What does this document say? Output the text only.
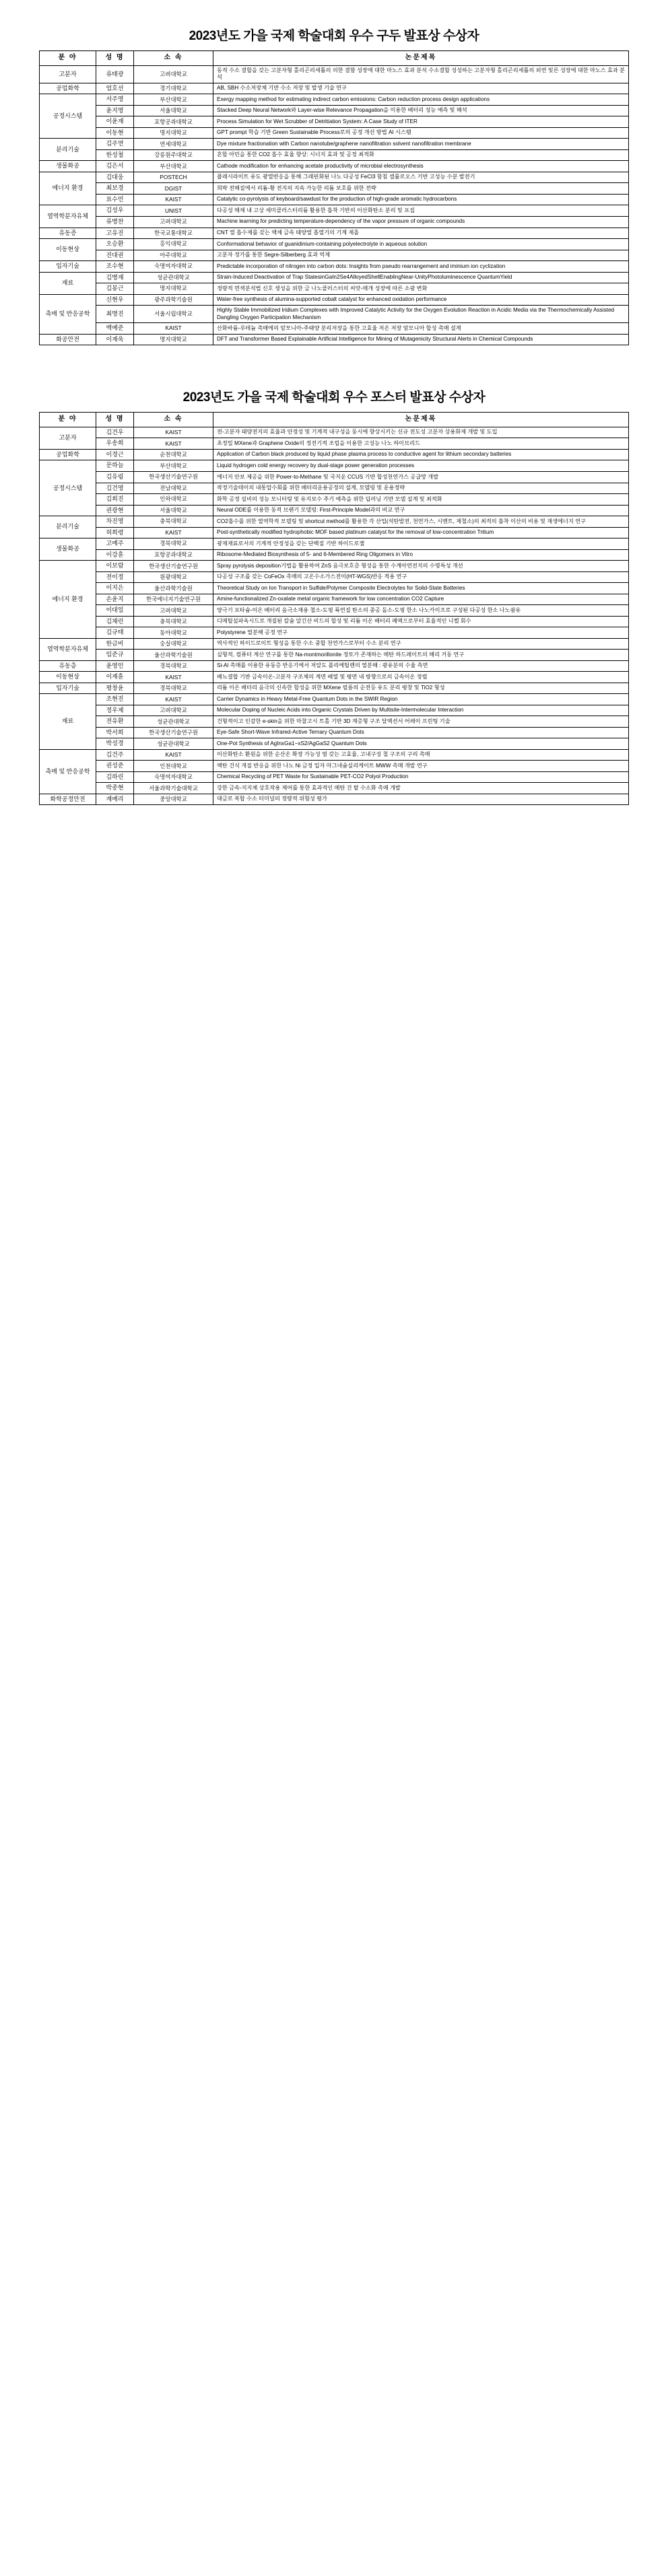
2023년도 가을 국제 학술대회 우수 구두 발표상 수상자
분 야	성 명	소 속	논문제목
고분자	류태광	고려대학교	동적 수소 결합을 갖는 고분자형 홀리곤리세톨의 의한 결함 성장에 대한 마노스 효과 분석 수소결합 성성하는 고분자형 홀리곤리세톨의 외연 및른 성장에 대한 마노스 효과 분석
공업화학	엄호선	경기대학교	AB, SBH 수소저장체 기반 수소 저장 및 발생 기술 연구
공정시스템	서주영	부산대학교	Exergy mapping method for estimating indirect carbon emissions: Carbon reduction process design applications
	윤지영	서울대학교	Stacked Deep Neural Network와 Layer-wise Relevance Propagation을 이용한 배터리 성능 예측 및 해석
	이윤재	포항공과대학교	Process Simulation for Wet Scrubber of Detritiation System: A Case Study of ITER
	이동현	명지대학교	GPT prompt 학습 기반 Green Sustainable Process로의 공정 개선 방법 AI 시스템
분리기술	김주연	연세대학교	Dye mixture fractionation with Carbon nanotube/graphene nanofiltration solvent nanofiltration membrane
	한성철	강릉원주대학교	혼합 아민을 통한 CO2 흡수 효율 향상: 시너지 효과 및 공정 최적화
생물화공	김은서	부산대학교	Cathode modification for enhancing acetate productivity of microbial electrosynthesis
에너지 환경	김대웅	POSTECH	플래시라이트 유도 광열반응을 통해 그래핀화된 나노 다공성 FeCl3 함침 셀룰로오스 기반 고성능 수분 발전기
	최보경	DGIST	희박 전해질에서 리튬-황 전지의 지속 가능한 리튬 보호를 위한 전략
	표수민	KAIST	Catalytic co-pyrolysis of keyboard/sawdust for the production of high-grade aromatic hydrocarbons
열역학분자유체	김성우	UNIST	다공성 매체 내 고상 세미클러스터리듐 활용한 흡착 기반의 이산화탄소 분리 및 포집
	류병찬	고려대학교	Machine learning for predicting temperature-dependency of the vapor pressure of organic compounds
유동증	고유진	한국교통대학교	CNT 열 흡수제를 갖는 액체 금속 태양열 흡열기의 기계 제올
이동현상	오승환	홍익대학교	Conformational behavior of guanidinium-containing polyelectrolyte in aqueous solution
	진대권	아주대학교	고분자 정가를 통한 Segre-Silberberg 효과 억제
입자기술	조수현	숙명여자대학교	Predictable incorporation of nitrogen into carbon dots: Insights from pseudo rearrangement and iminium ion cyclization
재료	김병재	성균관대학교	Strain-Induced Deactivation of Trap StatesinGaIn2Se4AlloyedShellEnablingNear-UnityPhotoluminescence QuantumYield
	김봉근	명지대학교	정량적 면색분석법 신호 생성을 위한 금 나노클러스터의 씨앗-매개 성장에 따른 소광 변화
촉매 및 반응공학	신현우	광주과학기술원	Water-free synthesis of alumina-supported cobalt catalyst for enhanced oxidation performance
	최명진	서울시립대학교	Highly Stable Immobilized Iridium Complexes with Improved Catalytic Activity for the Oxygen Evolution Reaction in Acidic Media via the Thermochemically Assisted Dangling Oxygen Participation Mechanism
	백예준	KAIST	산화바륨-루테늄 촉매에의 암모니아-주태양 분리저장을 통한 고효율 저온 저장 암모니아 합성 촉매 설계
화공안전	이재욱	명지대학교	DFT and Transformer Based Explainable Artificial Intelligence for Mining of Mutagenicity Structural Alerts in Chemical Compounds
2023년도 가을 국제 학술대회 우수 포스터 발표상 수상자
분 야	성 명	소 속	논문제목
고분자	김건우	KAIST	전-고분자 태양전지의 효율과 안정성 및 기계적 내구성을 동시에 향상시키는 신규 전도성 고분자 상용화제 개발 및 도입
	우송희	KAIST	초정밀 MXene과 Graphene Oxide의 정전기적 조립을 이용한 고성능 나노 하이브리드
공업화학	이경근	순천대학교	Application of Carbon black produced by liquid phase plasma process to conductive agent for lithium secondary batteries
공정시스템	문하늘	부산대학교	Liquid hydrogen cold energy recovery by dual-stage power generation processes
	김유림	한국생산기술연구원	에너지 안보 제공을 위한 Power-to-Methane 및 국지운 CCUS 기반 합성천연가스 공급망 개발
	김건영	전남대학교	작정기술테이의 내통압수회를 위한 배터리운용공정의 설계, 모델링 및 운용정략
	김희진	인하대학교	화학 공정 설비의 성능 모니터링 및 유지보수 주기 예측을 위한 딥러닝 기반 모델 설계 및 최적화
	권광현	서울대학교	Neural ODE를 이용한 동적 브랜기 모델링: First-Principle Model과의 비교 연구
분리기술	차진영	충북대학교	CO2흡수를 위한 열역학적 모델링 및 shortcut method를 활용한 각 산업(석탄발전, 천연가스, 시멘트, 제철소)의 최적의 흡착 이산의 비용 및 재생에너지 연구
	허희령	KAIST	Post-synthetically modified hydrophobic MOF based platinum catalyst for the removal of low-concentration Tritium
생물화공	고예주	경북대학교	광제재료로서의 기계적 안정성을 갖는 단백질 기반 하이드로젤
	이강훈	포항공과대학교	Ribosome-Mediated Biosynthesis of 5- and 6-Membered Ring Oligomers in Vitro
에너지 환경	이보람	한국생산기술연구원	Spray pyrolysis deposition기법을 활용하여 ZnS 음극보호층 형성을 통한 수계아연전지의 수명특성 개선
	전이정	원광대학교	다공성 구조를 갖는 CoFeOx 촉매의 고온수소가스전이(HT-WGS)반응 적용 연구
	이지은	울산과학기술원	Theoretical Study on Ion Transport in Sulfide/Polymer Composite Electrolytes for Solid-State Batteries
	손윤지	한국에너지기술연구원	Amine-functionalized Zn-oxalate metal organic framework for low concentration CO2 Capture
	이대일	고려대학교	양극기 포타슘-이온 배터리 음극소재용 철소-도핑 륙연질 탄소의 중공 돌소-도핑 한소 나노카이프로 구성된 다공성 한소 나노쉼유
	김채린	충북대학교	디메틸설파옥시드로 개질된 칼슘 알긴산 비드의 합성 및 리튬 이온 배터리 폐액으로부터 효율적인 니켈 회수
	김규태	동아대학교	Polystyrene 열분해 공정 연구
열역학분자유체	한금비	숭실대학교	역사적인 하이드로이트 형성을 통한 수소 중합 천연가스로부터 수소 분리 연구
	임준규	울산과학기술원	실형적, 컴퓨터 계산 연구를 통한 Na-montmorillonite 정토가 존재하는 메탄 하드레이트의 해리 거동 연구
유동층	윤영인	경북대학교	Si-Al 촉매를 이용한 유동층 반응기에서 저알도 폴리에틸렌의 열분해 : 광유분의 수율 측면
이동현상	이재훈	KAIST	배뇨결합 기반 금속이온-고분자 구조체의 계면 배열 및 평면 내 방향으로의 금속이온 정렬
입자기술	평창윤	경북대학교	리튬 이온 배터리 음극의 신속한 합성을 위한 MXene 필름의 순전등 유도 분리 평창 및 TiO2 형성
재료	조현진	KAIST	Carrier Dynamics in Heavy Metal-Free Quantum Dots in the SWIR Region
	정우제	고려대학교	Molecular Doping of Nucleic Acids into Organic Crystals Driven by Multisite-Intermolecular Interaction
	전유환	성균관대학교	건형적이고 인감한 e-skin을 위한 마찰고시 트홀 기반 3D 계층형 구조 달액션서 어레이 프린팅 기술
	박서희	한국생산기술연구원	Eye-Safe Short-Wave Infrared-Active Ternary Quantum Dots
	박성경	성균관대학교	One-Pot Synthesis of AgInxGa1−xS2/AgGaS2 Quantum Dots
촉매 및 반응공학	김건주	KAIST	이산화탄소 환원을 위한 순산온 확장 가능성 염 갖는 고효율, 고내구성 철 구조의 구리 촉매
	권성준	인천대학교	액탄 건식 개질 반응을 위한 나노 Ni 금정 입자 마그네슘실리케이트 MWW 촉매 개발 연구
	김하린	숙명여자대학교	Chemical Recycling of PET Waste for Sustainable PET-CO2 Polyol Production
	박종현	서울과학기술대학교	강한 금속-지지체 상호작용 제어를 통한 효과적인 메탄 건 탈 수소화 촉매 개발
화학공정안전	계예리	중앙대학교	대금로 복합 수소 터미널의 정량적 위험성 평가
